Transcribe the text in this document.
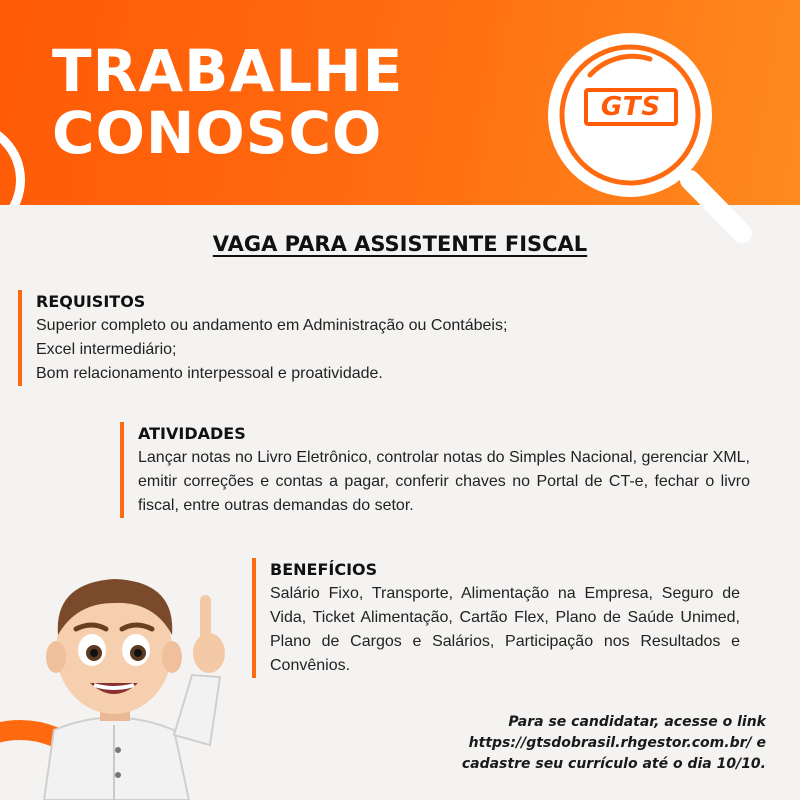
TRABALHE
CONOSCO	GTS
VAGA PARA ASSISTENTE FISCAL
REQUISITOS
Superior completo ou andamento em Administração ou Contábeis;
Excel intermediário;
Bom relacionamento interpessoal e proatividade.
ATIVIDADES

Lançar notas no Livro Eletrônico, controlar notas do Simples Nacional, gerenciar XML, emitir correções e contas a pagar, conferir chaves no Portal de CT-e, fechar o livro fiscal, entre outras demandas do setor.

BENEFÍCIOS

Salário Fixo, Transporte, Alimentação na Empresa, Seguro de Vida, Ticket Alimentação, Cartão Flex, Plano de Saúde Unimed, Plano de Cargos e Salários, Participação nos Resultados e Convênios.

Para se candidatar, acesse o link
https://gtsdobrasil.rhgestor.com.br/ e
cadastre seu currículo até o dia 10/10.
